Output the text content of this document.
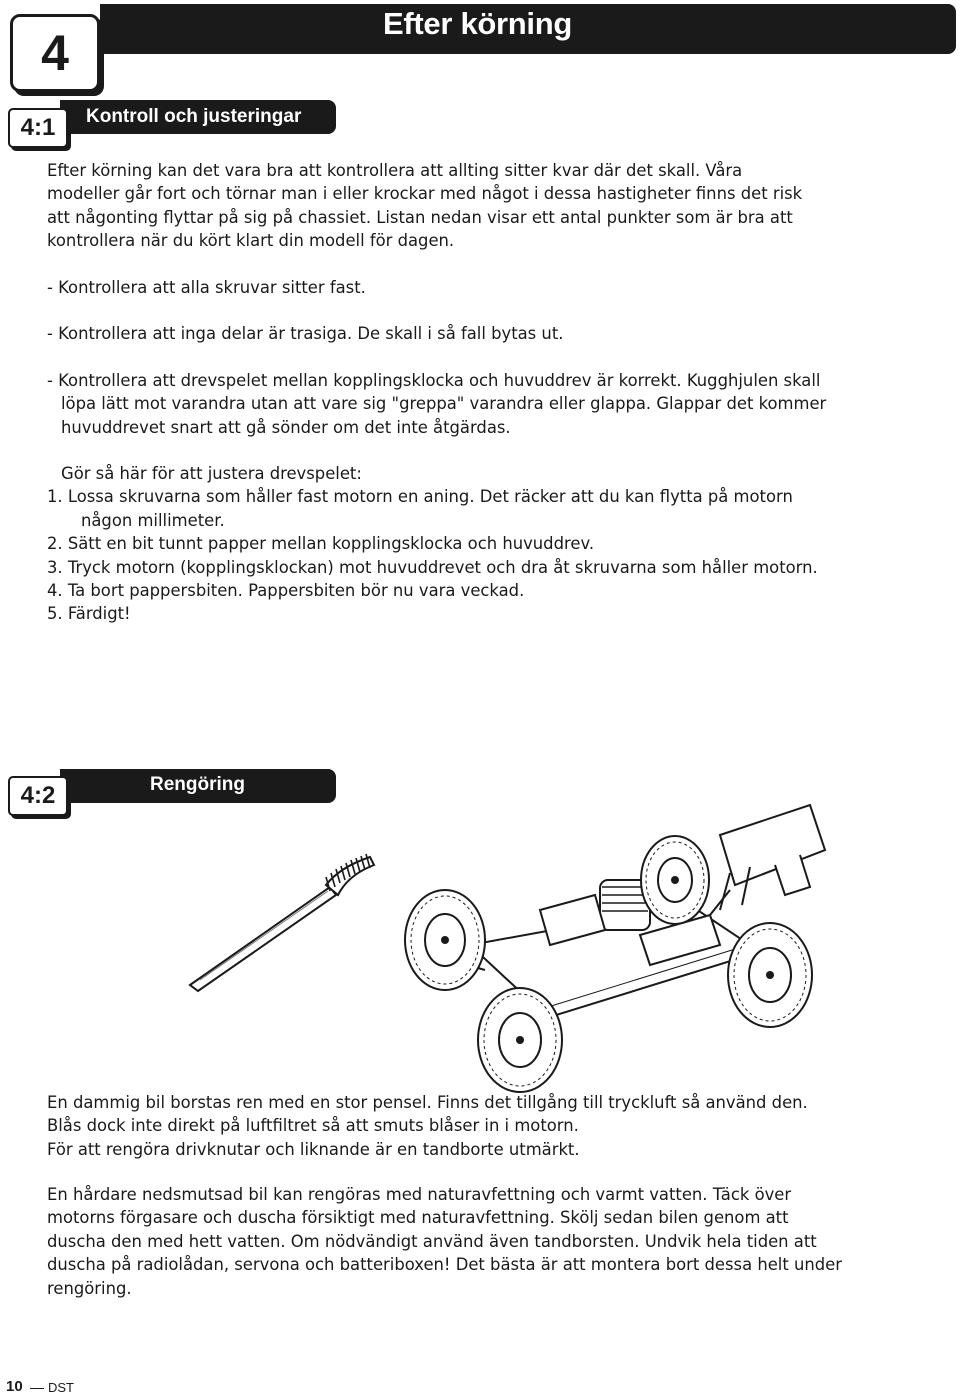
4
Efter körning
4:1	Kontroll och justeringar

Efter körning kan det vara bra att kontrollera att allting sitter kvar där det skall. Våra

modeller går fort och törnar man i eller krockar med något i dessa hastigheter finns det risk

att någonting flyttar på sig på chassiet. Listan nedan visar ett antal punkter som är bra att

kontrollera när du kört klart din modell för dagen.

- Kontrollera att alla skruvar sitter fast.
- Kontrollera att inga delar är trasiga. De skall i så fall bytas ut.

- Kontrollera att drevspelet mellan kopplingsklocka och huvuddrev är korrekt. Kugghjulen skall

löpa lätt mot varandra utan att vare sig "greppa" varandra eller glappa. Glappar det kommer

huvuddrevet snart att gå sönder om det inte åtgärdas.

Gör så här för att justera drevspelet:

1. Lossa skruvarna som håller fast motorn en aning. Det räcker att du kan flytta på motorn

någon millimeter.

2. Sätt en bit tunnt papper mellan kopplingsklocka och huvuddrev.

3. Tryck motorn (kopplingsklockan) mot huvuddrevet och dra åt skruvarna som håller motorn.

4. Ta bort pappersbiten. Pappersbiten bör nu vara veckad.

5. Färdigt!

4:2	Rengöring

En dammig bil borstas ren med en stor pensel. Finns det tillgång till tryckluft så använd den.

Blås dock inte direkt på luftfiltret så att smuts blåser in i motorn.

För att rengöra drivknutar och liknande är en tandborte utmärkt.

En hårdare nedsmutsad bil kan rengöras med naturavfettning och varmt vatten. Täck över

motorns förgasare och duscha försiktigt med naturavfettning. Skölj sedan bilen genom att

duscha den med hett vatten. Om nödvändigt använd även tandborsten. Undvik hela tiden att

duscha på radiolådan, servona och batteriboxen! Det bästa är att montera bort dessa helt under

rengöring.

10 DST
